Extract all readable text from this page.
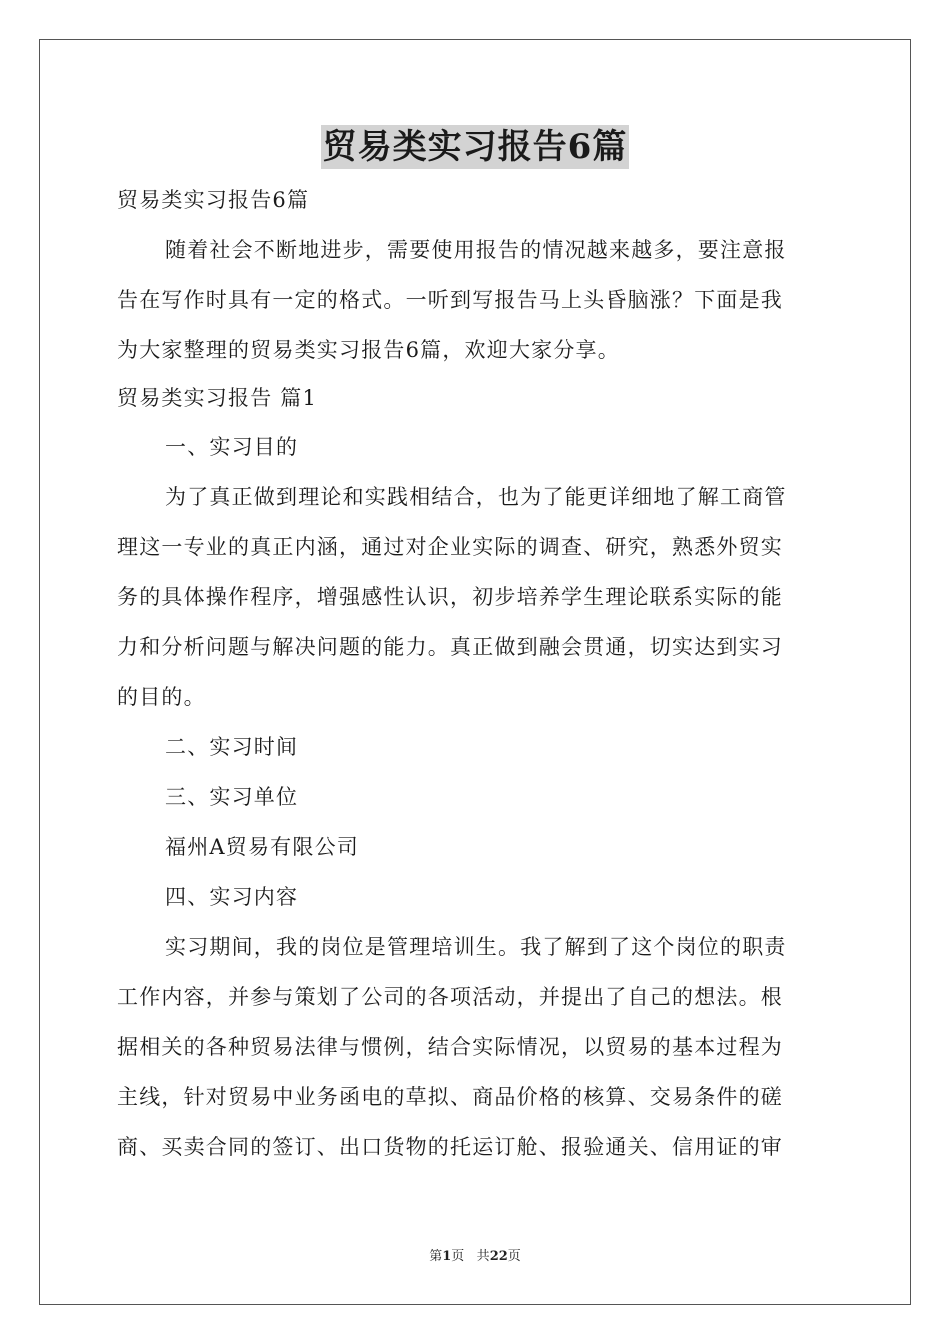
贸易类实习报告6篇
贸易类实习报告6篇
随着社会不断地进步，需要使用报告的情况越来越多，要注意报
告在写作时具有一定的格式。一听到写报告马上头昏脑涨？下面是我
为大家整理的贸易类实习报告6篇，欢迎大家分享。
贸易类实习报告 篇1
一、实习目的
为了真正做到理论和实践相结合，也为了能更详细地了解工商管
理这一专业的真正内涵，通过对企业实际的调查、研究，熟悉外贸实
务的具体操作程序，增强感性认识，初步培养学生理论联系实际的能
力和分析问题与解决问题的能力。真正做到融会贯通，切实达到实习
的目的。
二、实习时间
三、实习单位
福州A贸易有限公司
四、实习内容
实习期间，我的岗位是管理培训生。我了解到了这个岗位的职责
工作内容，并参与策划了公司的各项活动，并提出了自己的想法。根
据相关的各种贸易法律与惯例，结合实际情况，以贸易的基本过程为
主线，针对贸易中业务函电的草拟、商品价格的核算、交易条件的磋
商、买卖合同的签订、出口货物的托运订舱、报验通关、信用证的审
第1页 共22页
